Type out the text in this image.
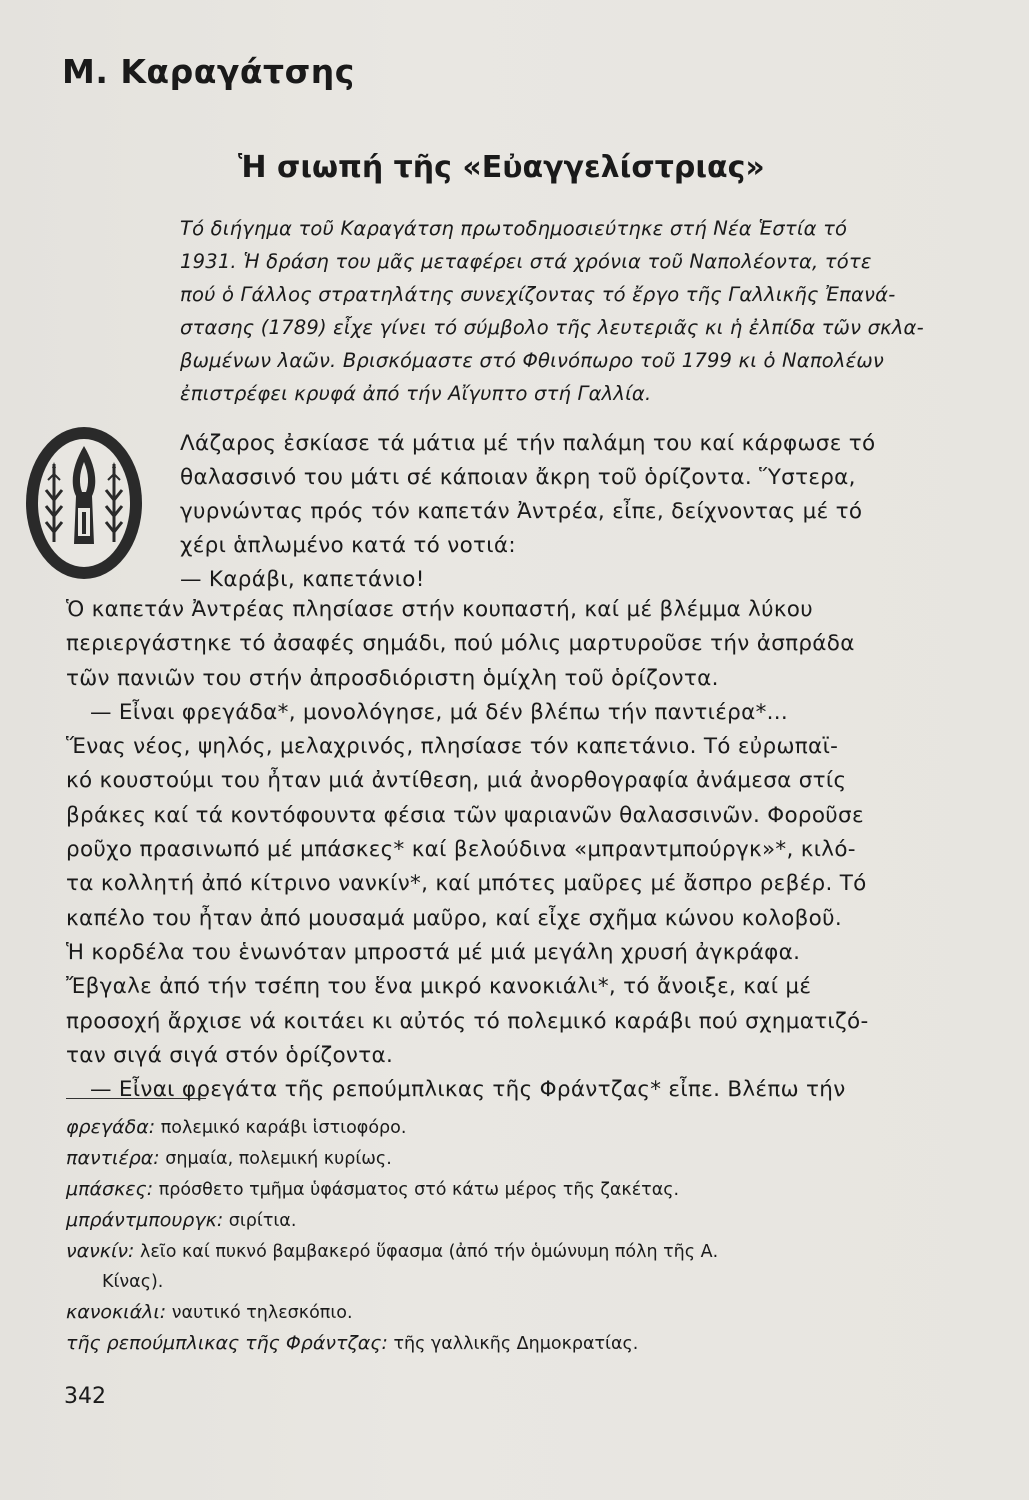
Μ. Καραγάτσης
Ἡ σιωπή τῆς «Εὐαγγελίστριας»
Τό διήγημα τοῦ Καραγάτση πρωτοδημοσιεύτηκε στή Νέα Ἑστία τό
1931. Ἡ δράση του μᾶς μεταφέρει στά χρόνια τοῦ Ναπολέοντα, τότε
πού ὁ Γάλλος στρατηλάτης συνεχίζοντας τό ἔργο τῆς Γαλλικῆς Ἐπανά-
στασης (1789) εἶχε γίνει τό σύμβολο τῆς λευτεριᾶς κι ἡ ἐλπίδα τῶν σκλα-
βωμένων λαῶν. Βρισκόμαστε στό Φθινόπωρο τοῦ 1799 κι ὁ Ναπολέων
ἐπιστρέφει κρυφά ἀπό τήν Αἴγυπτο στή Γαλλία.
Λάζαρος ἐσκίασε τά μάτια μέ τήν παλάμη του καί κάρφωσε τό
θαλασσινό του μάτι σέ κάποιαν ἄκρη τοῦ ὁρίζοντα. Ὕστερα,
γυρνώντας πρός τόν καπετάν Ἀντρέα, εἶπε, δείχνοντας μέ τό
χέρι ἁπλωμένο κατά τό νοτιά:
— Καράβι, καπετάνιο!
Ὁ καπετάν Ἀντρέας πλησίασε στήν κουπαστή, καί μέ βλέμμα λύκου
περιεργάστηκε τό ἀσαφές σημάδι, πού μόλις μαρτυροῦσε τήν ἀσπράδα
τῶν πανιῶν του στήν ἀπροσδιόριστη ὁμίχλη τοῦ ὁρίζοντα.
— Εἶναι φρεγάδα*, μονολόγησε, μά δέν βλέπω τήν παντιέρα*...
Ἕνας νέος, ψηλός, μελαχρινός, πλησίασε τόν καπετάνιο. Τό εὐρωπαϊ-
κό κουστούμι του ἦταν μιά ἀντίθεση, μιά ἀνορθογραφία ἀνάμεσα στίς
βράκες καί τά κοντόφουντα φέσια τῶν ψαριανῶν θαλασσινῶν. Φοροῦσε
ροῦχο πρασινωπό μέ μπάσκες* καί βελούδινα «μπραντμπούργκ»*, κιλό-
τα κολλητή ἀπό κίτρινο νανκίν*, καί μπότες μαῦρες μέ ἄσπρο ρεβέρ. Τό
καπέλο του ἦταν ἀπό μουσαμά μαῦρο, καί εἶχε σχῆμα κώνου κολοβοῦ.
Ἡ κορδέλα του ἑνωνόταν μπροστά μέ μιά μεγάλη χρυσή ἀγκράφα.
Ἔβγαλε ἀπό τήν τσέπη του ἕνα μικρό κανοκιάλι*, τό ἄνοιξε, καί μέ
προσοχή ἄρχισε νά κοιτάει κι αὐτός τό πολεμικό καράβι πού σχηματιζό-
ταν σιγά σιγά στόν ὁρίζοντα.
— Εἶναι φρεγάτα τῆς ρεπούμπλικας τῆς Φράντζας* εἶπε. Βλέπω τήν
φρεγάδα: πολεμικό καράβι ἱστιοφόρο.
παντιέρα: σημαία, πολεμική κυρίως.
μπάσκες: πρόσθετο τμῆμα ὑφάσματος στό κάτω μέρος τῆς ζακέτας.
μπράντμπουργκ: σιρίτια.
νανκίν: λεῖο καί πυκνό βαμβακερό ὕφασμα (ἀπό τήν ὁμώνυμη πόλη τῆς Α.
Κίνας).
κανοκιάλι: ναυτικό τηλεσκόπιο.
τῆς ρεπούμπλικας τῆς Φράντζας: τῆς γαλλικῆς Δημοκρατίας.
342
